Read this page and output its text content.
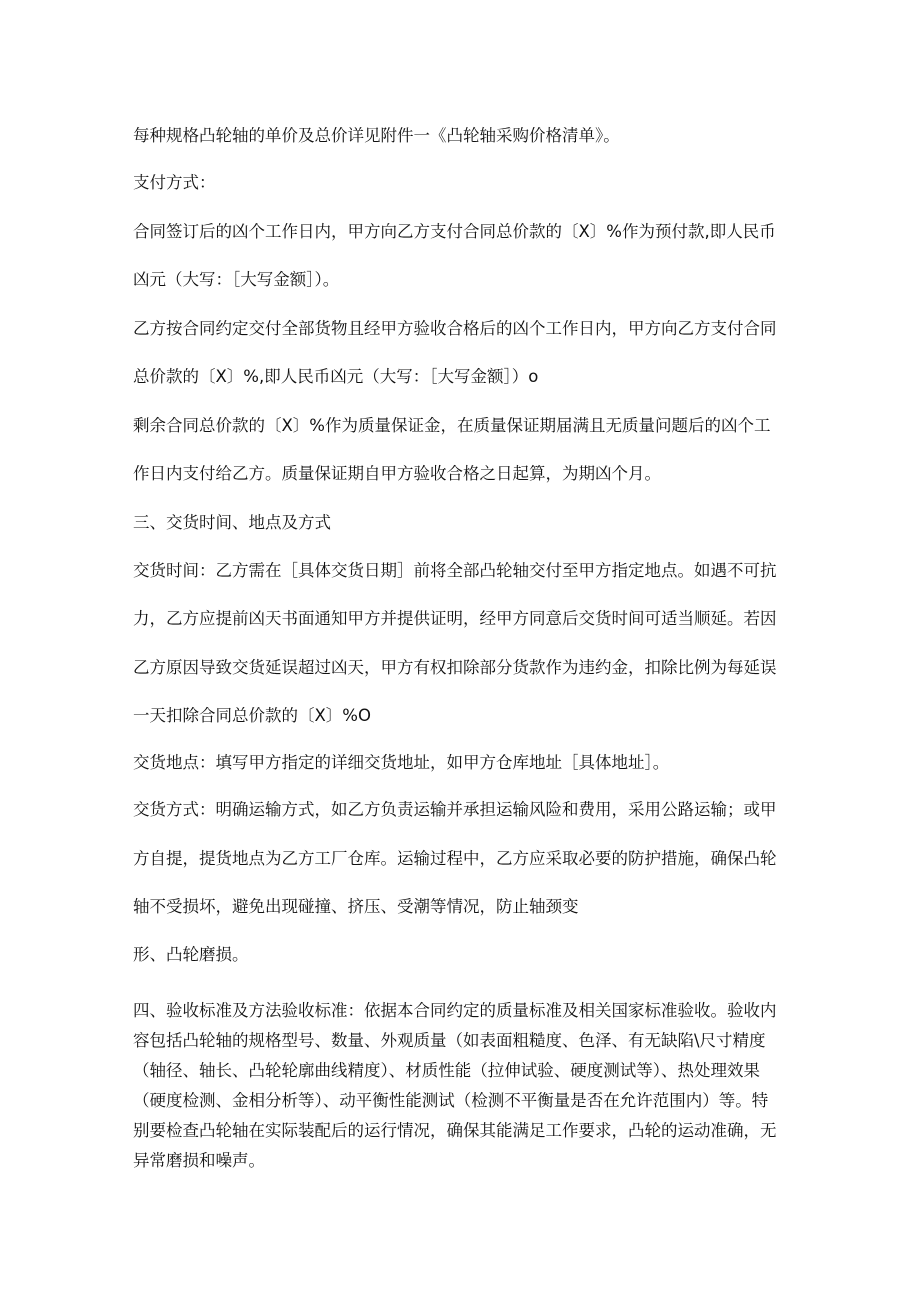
每种规格凸轮轴的单价及总价详见附件一《凸轮轴采购价格清单》。
支付方式：
合同签订后的凶个工作日内，甲方向乙方支付合同总价款的〔X〕%作为预付款,即人民币
凶元（大写：［大写金额］）。
乙方按合同约定交付全部货物且经甲方验收合格后的凶个工作日内，甲方向乙方支付合同
总价款的〔X〕%,即人民币凶元（大写：［大写金额］）o
剩余合同总价款的〔X〕%作为质量保证金，在质量保证期届满且无质量问题后的凶个工
作日内支付给乙方。质量保证期自甲方验收合格之日起算，为期凶个月。
三、交货时间、地点及方式
交货时间：乙方需在［具体交货日期］前将全部凸轮轴交付至甲方指定地点。如遇不可抗
力，乙方应提前凶天书面通知甲方并提供证明，经甲方同意后交货时间可适当顺延。若因
乙方原因导致交货延误超过凶天，甲方有权扣除部分货款作为违约金，扣除比例为每延误
一天扣除合同总价款的〔X〕%O
交货地点：填写甲方指定的详细交货地址，如甲方仓库地址［具体地址］。
交货方式：明确运输方式，如乙方负责运输并承担运输风险和费用，采用公路运输；或甲
方自提，提货地点为乙方工厂仓库。运输过程中，乙方应采取必要的防护措施，确保凸轮
轴不受损坏，避免出现碰撞、挤压、受潮等情况，防止轴颈变
形、凸轮磨损。
四、验收标准及方法验收标准：依据本合同约定的质量标准及相关国家标准验收。验收内
容包括凸轮轴的规格型号、数量、外观质量（如表面粗糙度、色泽、有无缺陷\尺寸精度
（轴径、轴长、凸轮轮廓曲线精度）、材质性能（拉伸试验、硬度测试等）、热处理效果
（硬度检测、金相分析等）、动平衡性能测试（检测不平衡量是否在允许范围内）等。特
别要检查凸轮轴在实际装配后的运行情况，确保其能满足工作要求，凸轮的运动准确，无
异常磨损和噪声。
